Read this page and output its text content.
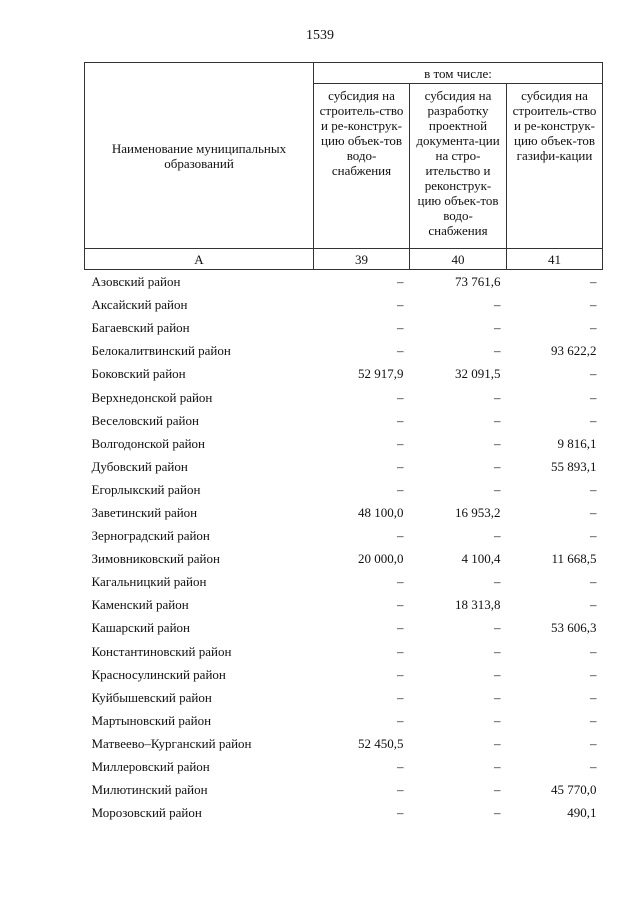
1539
Наименование муниципальных образований	в том числе:		
	субсидия на строитель-ство и ре-конструк-цию объек-тов водо-снабжения	субсидия на разработку проектной документа-ции на стро-ительство и реконструк-цию объек-тов водо-снабжения	субсидия на строитель-ство и ре-конструк-цию объек-тов газифи-кации
А	39	40	41
Азовский район	–	73 761,6	–
Аксайский район	–	–	–
Багаевский район	–	–	–
Белокалитвинский район	–	–	93 622,2
Боковский район	52 917,9	32 091,5	–
Верхнедонской район	–	–	–
Веселовский район	–	–	–
Волгодонской район	–	–	9 816,1
Дубовский район	–	–	55 893,1
Егорлыкский район	–	–	–
Заветинский район	48 100,0	16 953,2	–
Зерноградский район	–	–	–
Зимовниковский район	20 000,0	4 100,4	11 668,5
Кагальницкий район	–	–	–
Каменский район	–	18 313,8	–
Кашарский район	–	–	53 606,3
Константиновский район	–	–	–
Красносулинский район	–	–	–
Куйбышевский район	–	–	–
Мартыновский район	–	–	–
Матвеево–Курганский район	52 450,5	–	–
Миллеровский район	–	–	–
Милютинский район	–	–	45 770,0
Морозовский район	–	–	490,1
